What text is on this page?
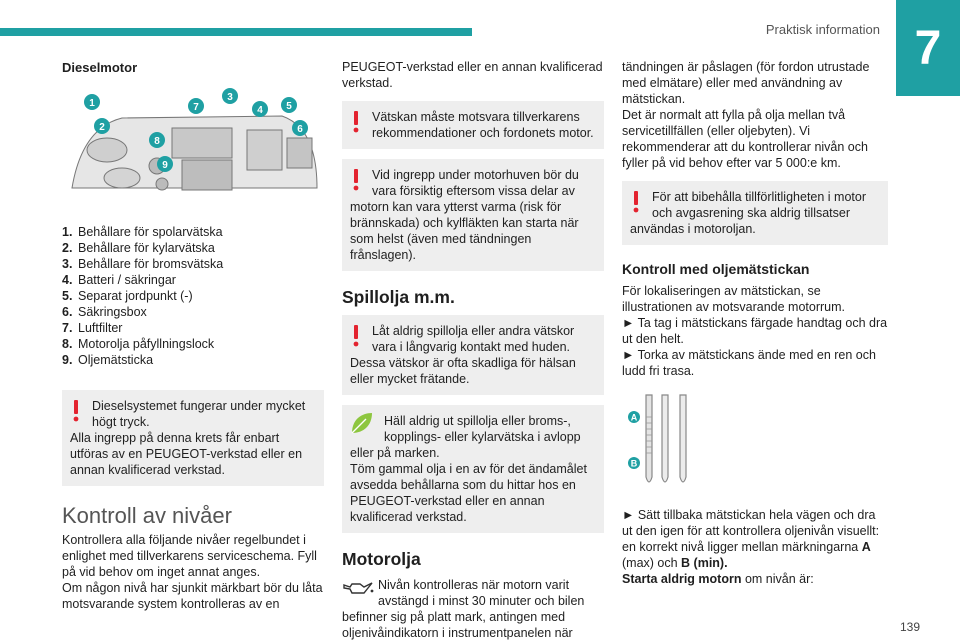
Praktisk information 7
139

Dieselmotor

1
2
3
4 5
6
7
8
9
1. Behållare för spolarvätska
2. Behållare för kylarvätska
3. Behållare för bromsvätska
4. Batteri / säkringar
5. Separat jordpunkt (-)
6. Säkringsbox
7. Luftfilter
8. Motorolja påfyllningslock
9. Oljemätsticka
Dieselsystemet fungerar under mycket högt tryck.
Alla ingrepp på denna krets får enbart utföras av en PEUGEOT-verkstad eller en annan kvalificerad verkstad.

Kontroll av nivåer

Kontrollera alla följande nivåer regelbundet i enlighet med tillverkarens serviceschema. Fyll på vid behov om inget annat anges.
Om någon nivå har sjunkit märkbart bör du låta motsvarande system kontrolleras av en

PEUGEOT-verkstad eller en annan kvalificerad verkstad.

Vätskan måste motsvara tillverkarens rekommendationer och fordonets motor.
Vid ingrepp under motorhuven bör du vara försiktig eftersom vissa delar av
motorn kan vara ytterst varma (risk för brännskada) och kylfläkten kan starta när som helst (även med tändningen frånslagen).

Spillolja m.m.

Låt aldrig spillolja eller andra vätskor vara i långvarig kontakt med huden.
Dessa vätskor är ofta skadliga för hälsan eller mycket frätande.
Häll aldrig ut spillolja eller broms-, kopplings- eller kylarvätska i avlopp
eller på marken.
Töm gammal olja i en av för det ändamålet avsedda behållarna som du hittar hos en PEUGEOT-verkstad eller en annan kvalificerad verkstad.

Motorolja

Nivån kontrolleras när motorn varit avstängd i minst 30 minuter och bilen
befinner sig på platt mark, antingen med oljenivåindikatorn i instrumentpanelen när

tändningen är påslagen (för fordon utrustade med elmätare) eller med användning av mätstickan.
Det är normalt att fylla på olja mellan två servicetillfällen (eller oljebyten). Vi rekommenderar att du kontrollerar nivån och fyller på vid behov efter var 5 000:e km.

För att bibehålla tillförlitligheten i motor och avgasrening ska aldrig tillsatser
användas i motoroljan.

Kontroll med oljemätstickan

För lokaliseringen av mätstickan, se illustrationen av motsvarande motorrum.
► Ta tag i mätstickans färgade handtag och dra ut den helt.
► Torka av mätstickans ände med en ren och ludd fri trasa.

A
B

► Sätt tillbaka mätstickan hela vägen och dra ut den igen för att kontrollera oljenivån visuellt: en korrekt nivå ligger mellan märkningarna A (max) och B (min).
Starta aldrig motorn om nivån är:
